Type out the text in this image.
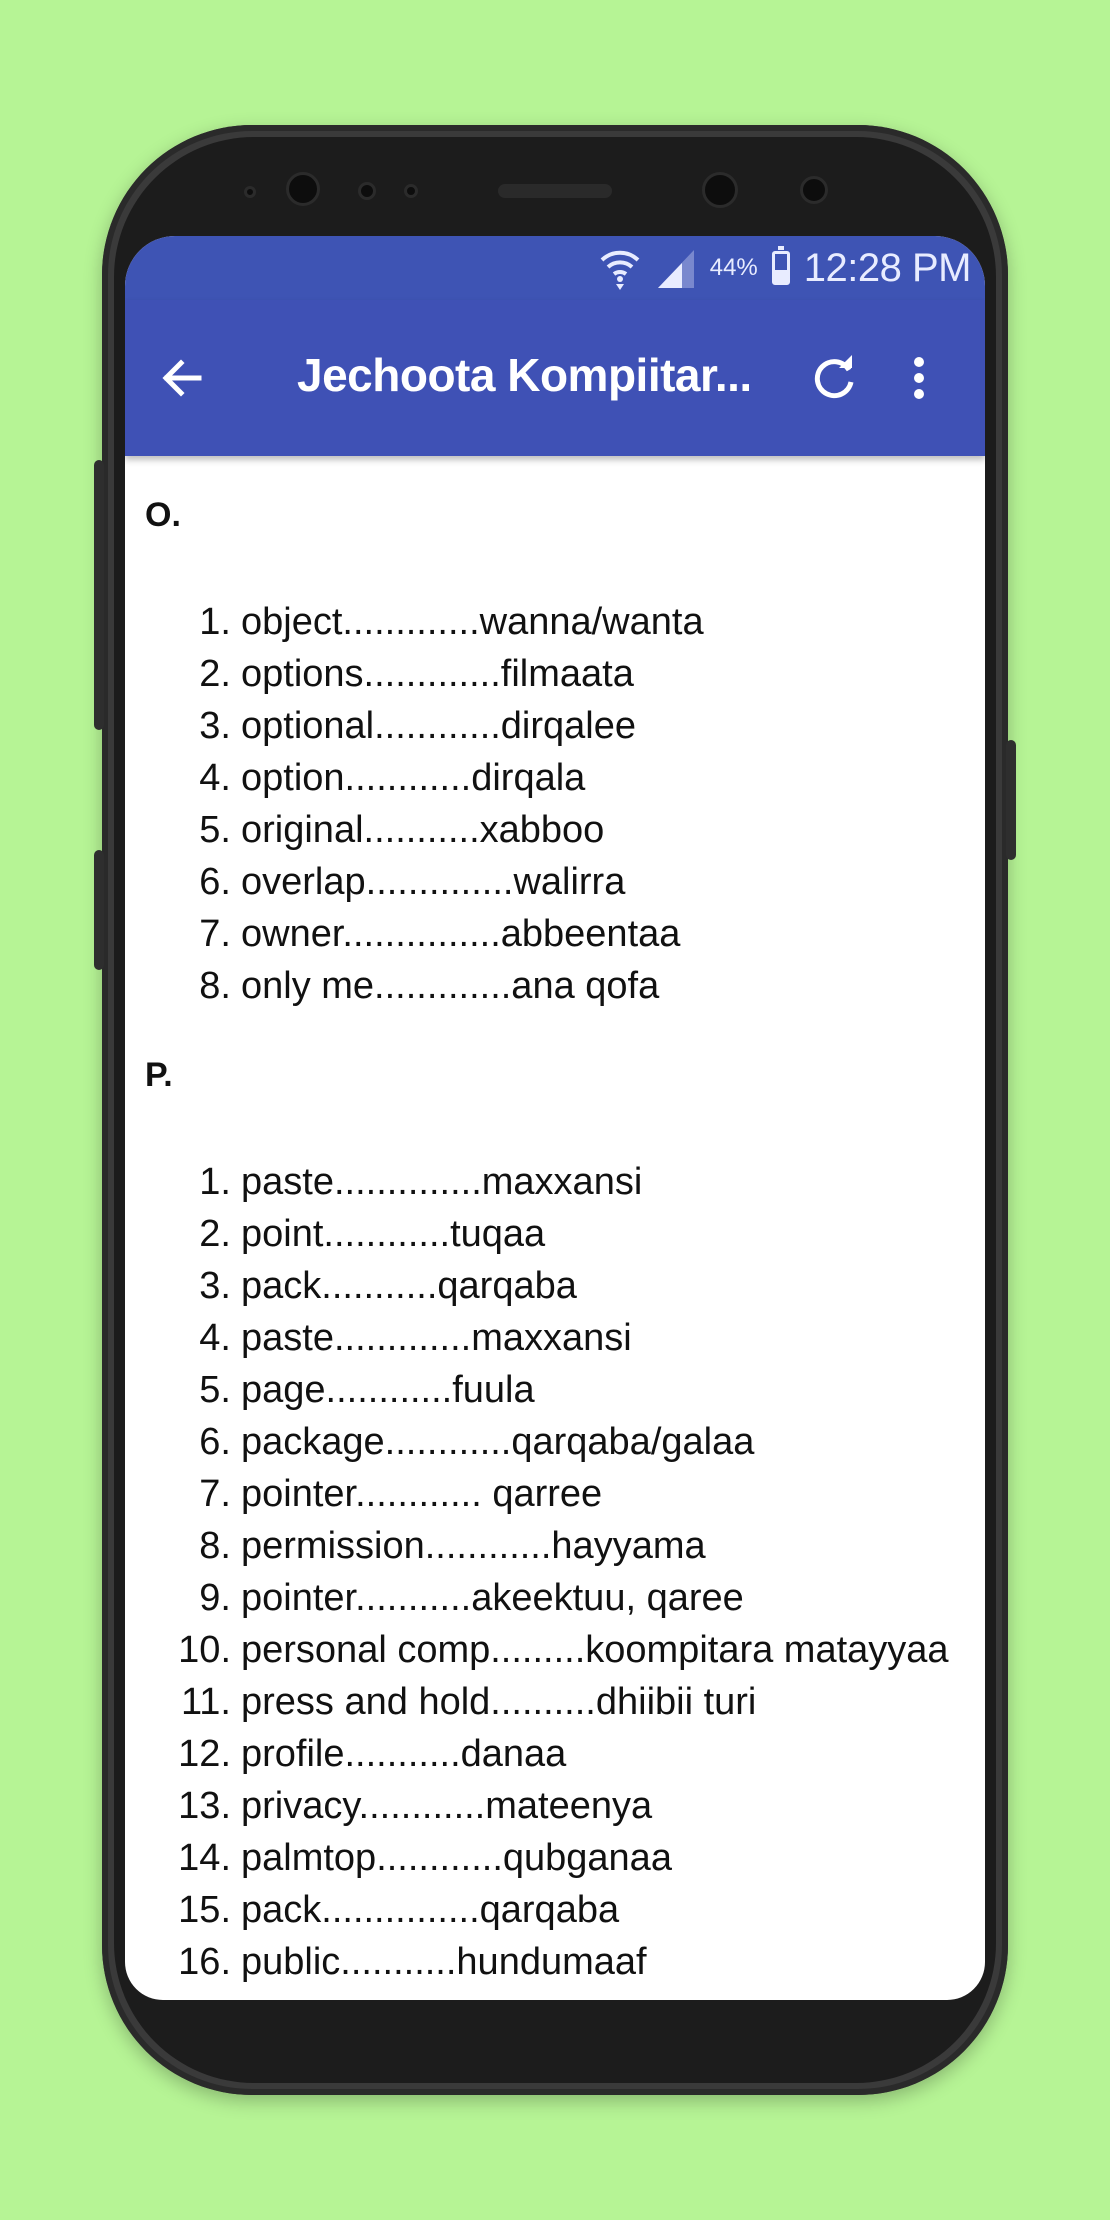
44% 12:28 PM
Jechoota Kompiitar...
O.
1. object.............wanna/wanta
2. options.............filmaata
3. optional............dirqalee
4. option............dirqala
5. original...........xabboo
6. overlap..............walirra
7. owner...............abbeentaa
8. only me.............ana qofa
P.
1. paste..............maxxansi
2. point............tuqaa
3. pack...........qarqaba
4. paste.............maxxansi
5. page............fuula
6. package............qarqaba/galaa
7. pointer............ qarree
8. permission............hayyama
9. pointer...........akeektuu, qaree
10. personal comp.........koompitara matayyaa
11. press and hold..........dhiibii turi
12. profile...........danaa
13. privacy............mateenya
14. palmtop............qubganaa
15. pack...............qarqaba
16. public...........hundumaaf
